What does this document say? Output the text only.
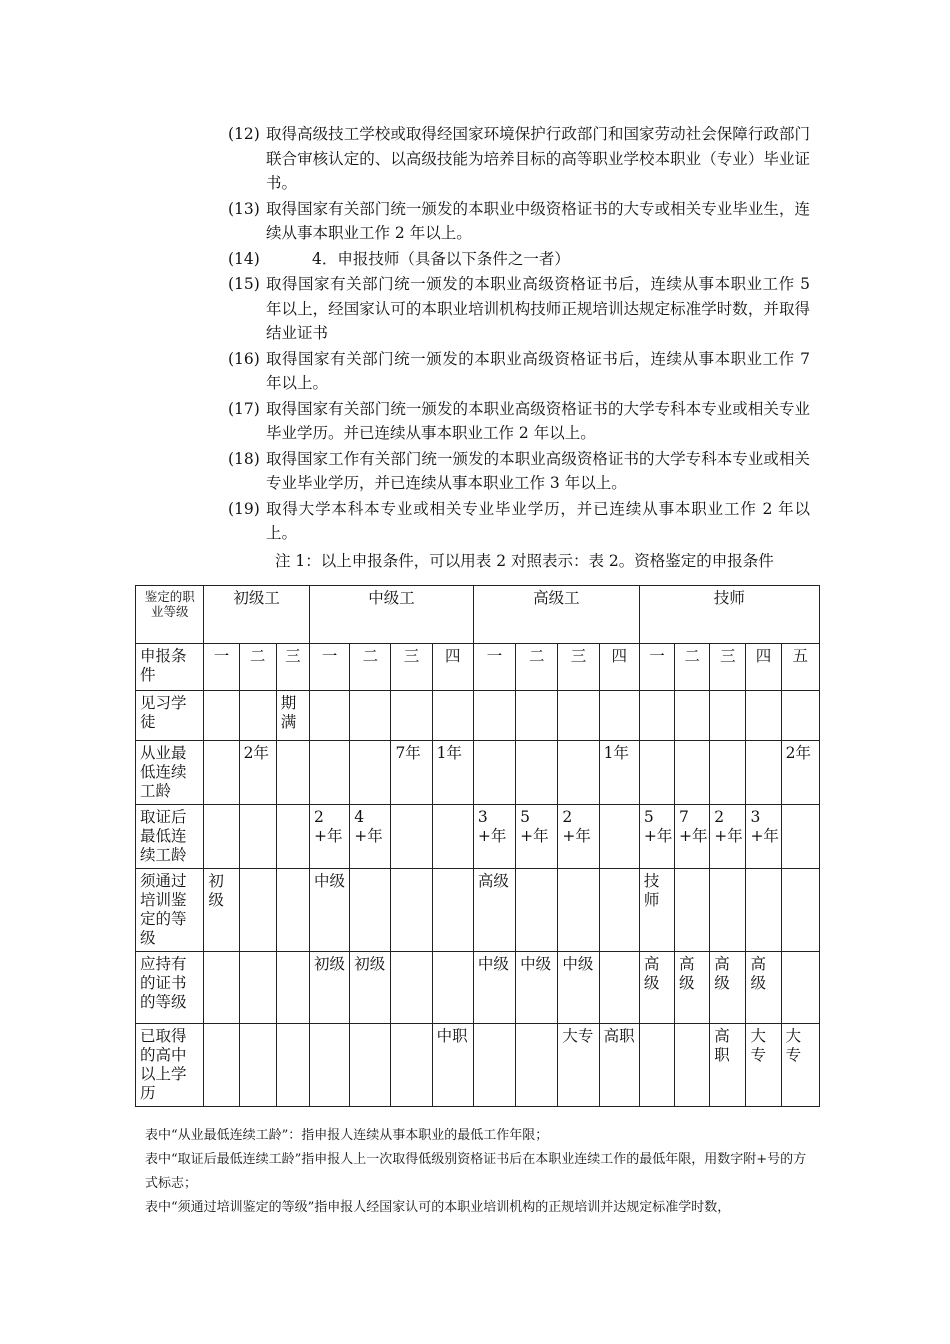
(12) 取得高级技工学校或取得经国家环境保护行政部门和国家劳动社会保障行政部门联合审核认定的、以高级技能为培养目标的高等职业学校本职业（专业）毕业证书。
(13) 取得国家有关部门统一颁发的本职业中级资格证书的大专或相关专业毕业生，连续从事本职业工作 2 年以上。
(14)	4．申报技师（具备以下条件之一者）
(15) 取得国家有关部门统一颁发的本职业高级资格证书后，连续从事本职业工作 5 年以上，经国家认可的本职业培训机构技师正规培训达规定标准学时数，并取得结业证书
(16) 取得国家有关部门统一颁发的本职业高级资格证书后，连续从事本职业工作 7 年以上。
(17) 取得国家有关部门统一颁发的本职业高级资格证书的大学专科本专业或相关专业毕业学历。并已连续从事本职业工作 2 年以上。
(18) 取得国家工作有关部门统一颁发的本职业高级资格证书的大学专科本专业或相关专业毕业学历，并已连续从事本职业工作 3 年以上。
(19) 取得大学本科本专业或相关专业毕业学历，并已连续从事本职业工作 2 年以上。
注 1：以上申报条件，可以用表 2 对照表示：表 2。资格鉴定的申报条件
鉴定的职业等级	初级工			中级工				高级工				技师				
申报条件	一	二	三	一	二	三	四	一	二	三	四	一	二	三	四	五
见习学徒			期满													
从业最低连续工龄		2年				7年	1年				1年					2年
取证后最低连续工龄				2+年	4+年			3+年	5+年	2+年		5+年	7+年	2+年	3+年	
须通过培训鉴定的等级	初级			中级				高级				技师				
应持有的证书的等级				初级	初级			中级	中级	中级		高级	高级	高级	高级	
已取得的高中以上学历							中职			大专	高职			高职	大专	大专

表中“从业最低连续工龄”：指申报人连续从事本职业的最低工作年限；

表中“取证后最低连续工龄”指申报人上一次取得低级别资格证书后在本职业连续工作的最低年限，用数字附+号的方式标志；

表中“须通过培训鉴定的等级”指申报人经国家认可的本职业培训机构的正规培训并达规定标准学时数，
